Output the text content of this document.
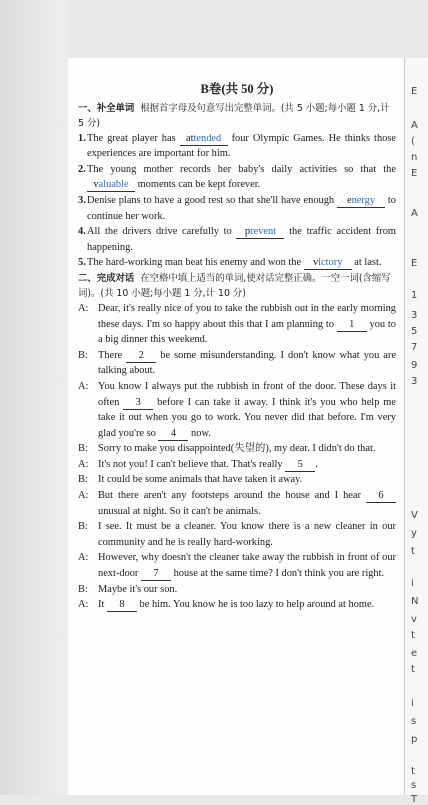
B卷(共 50 分)
一、补全单词 根据首字母及句意写出完整单词。(共 5 小题;每小题 1 分,计 5 分)
1. The great player has attended four Olympic Games. He thinks those experiences are important for him.
2. The young mother records her baby's daily activities so that the valuable moments can be kept forever.
3. Denise plans to have a good rest so that she'll have enough energy to continue her work.
4. All the drivers drive carefully to prevent the traffic accident from happening.
5. The hard-working man beat his enemy and won the victory at last.
二、完成对话 在空格中填上适当的单词,使对话完整正确。一空一词(含缩写词)。(共 10 小题;每小题 1 分,计 10 分)
A: Dear, it's really nice of you to take the rubbish out in the early morning these days. I'm so happy about this that I am planning to 1 you to a big dinner this weekend.
B: There 2 be some misunderstanding. I don't know what you are talking about.
A: You know I always put the rubbish in front of the door. These days it often 3 before I can take it away. I think it's you who help me take it out when you go to work. You never did that before. I'm very glad you're so 4 now.
B: Sorry to make you disappointed(失望的), my dear. I didn't do that.
A: It's not you! I can't believe that. That's really 5 .
B: It could be some animals that have taken it away.
A: But there aren't any footsteps around the house and I hear 6 unusual at night. So it can't be animals.
B: I see. It must be a cleaner. You know there is a new cleaner in our community and he is really hard-working.
A: However, why doesn't the cleaner take away the rubbish in front of our next-door 7 house at the same time? I don't think you are right.
B: Maybe it's our son.
A: It 8 be him. You know he is too lazy to help around at home.
E
A
(
n
E
A
E
1
3
5
7
9
3
V
y
t
i
N
v
t
e
t
i
s
p
t
s
T
